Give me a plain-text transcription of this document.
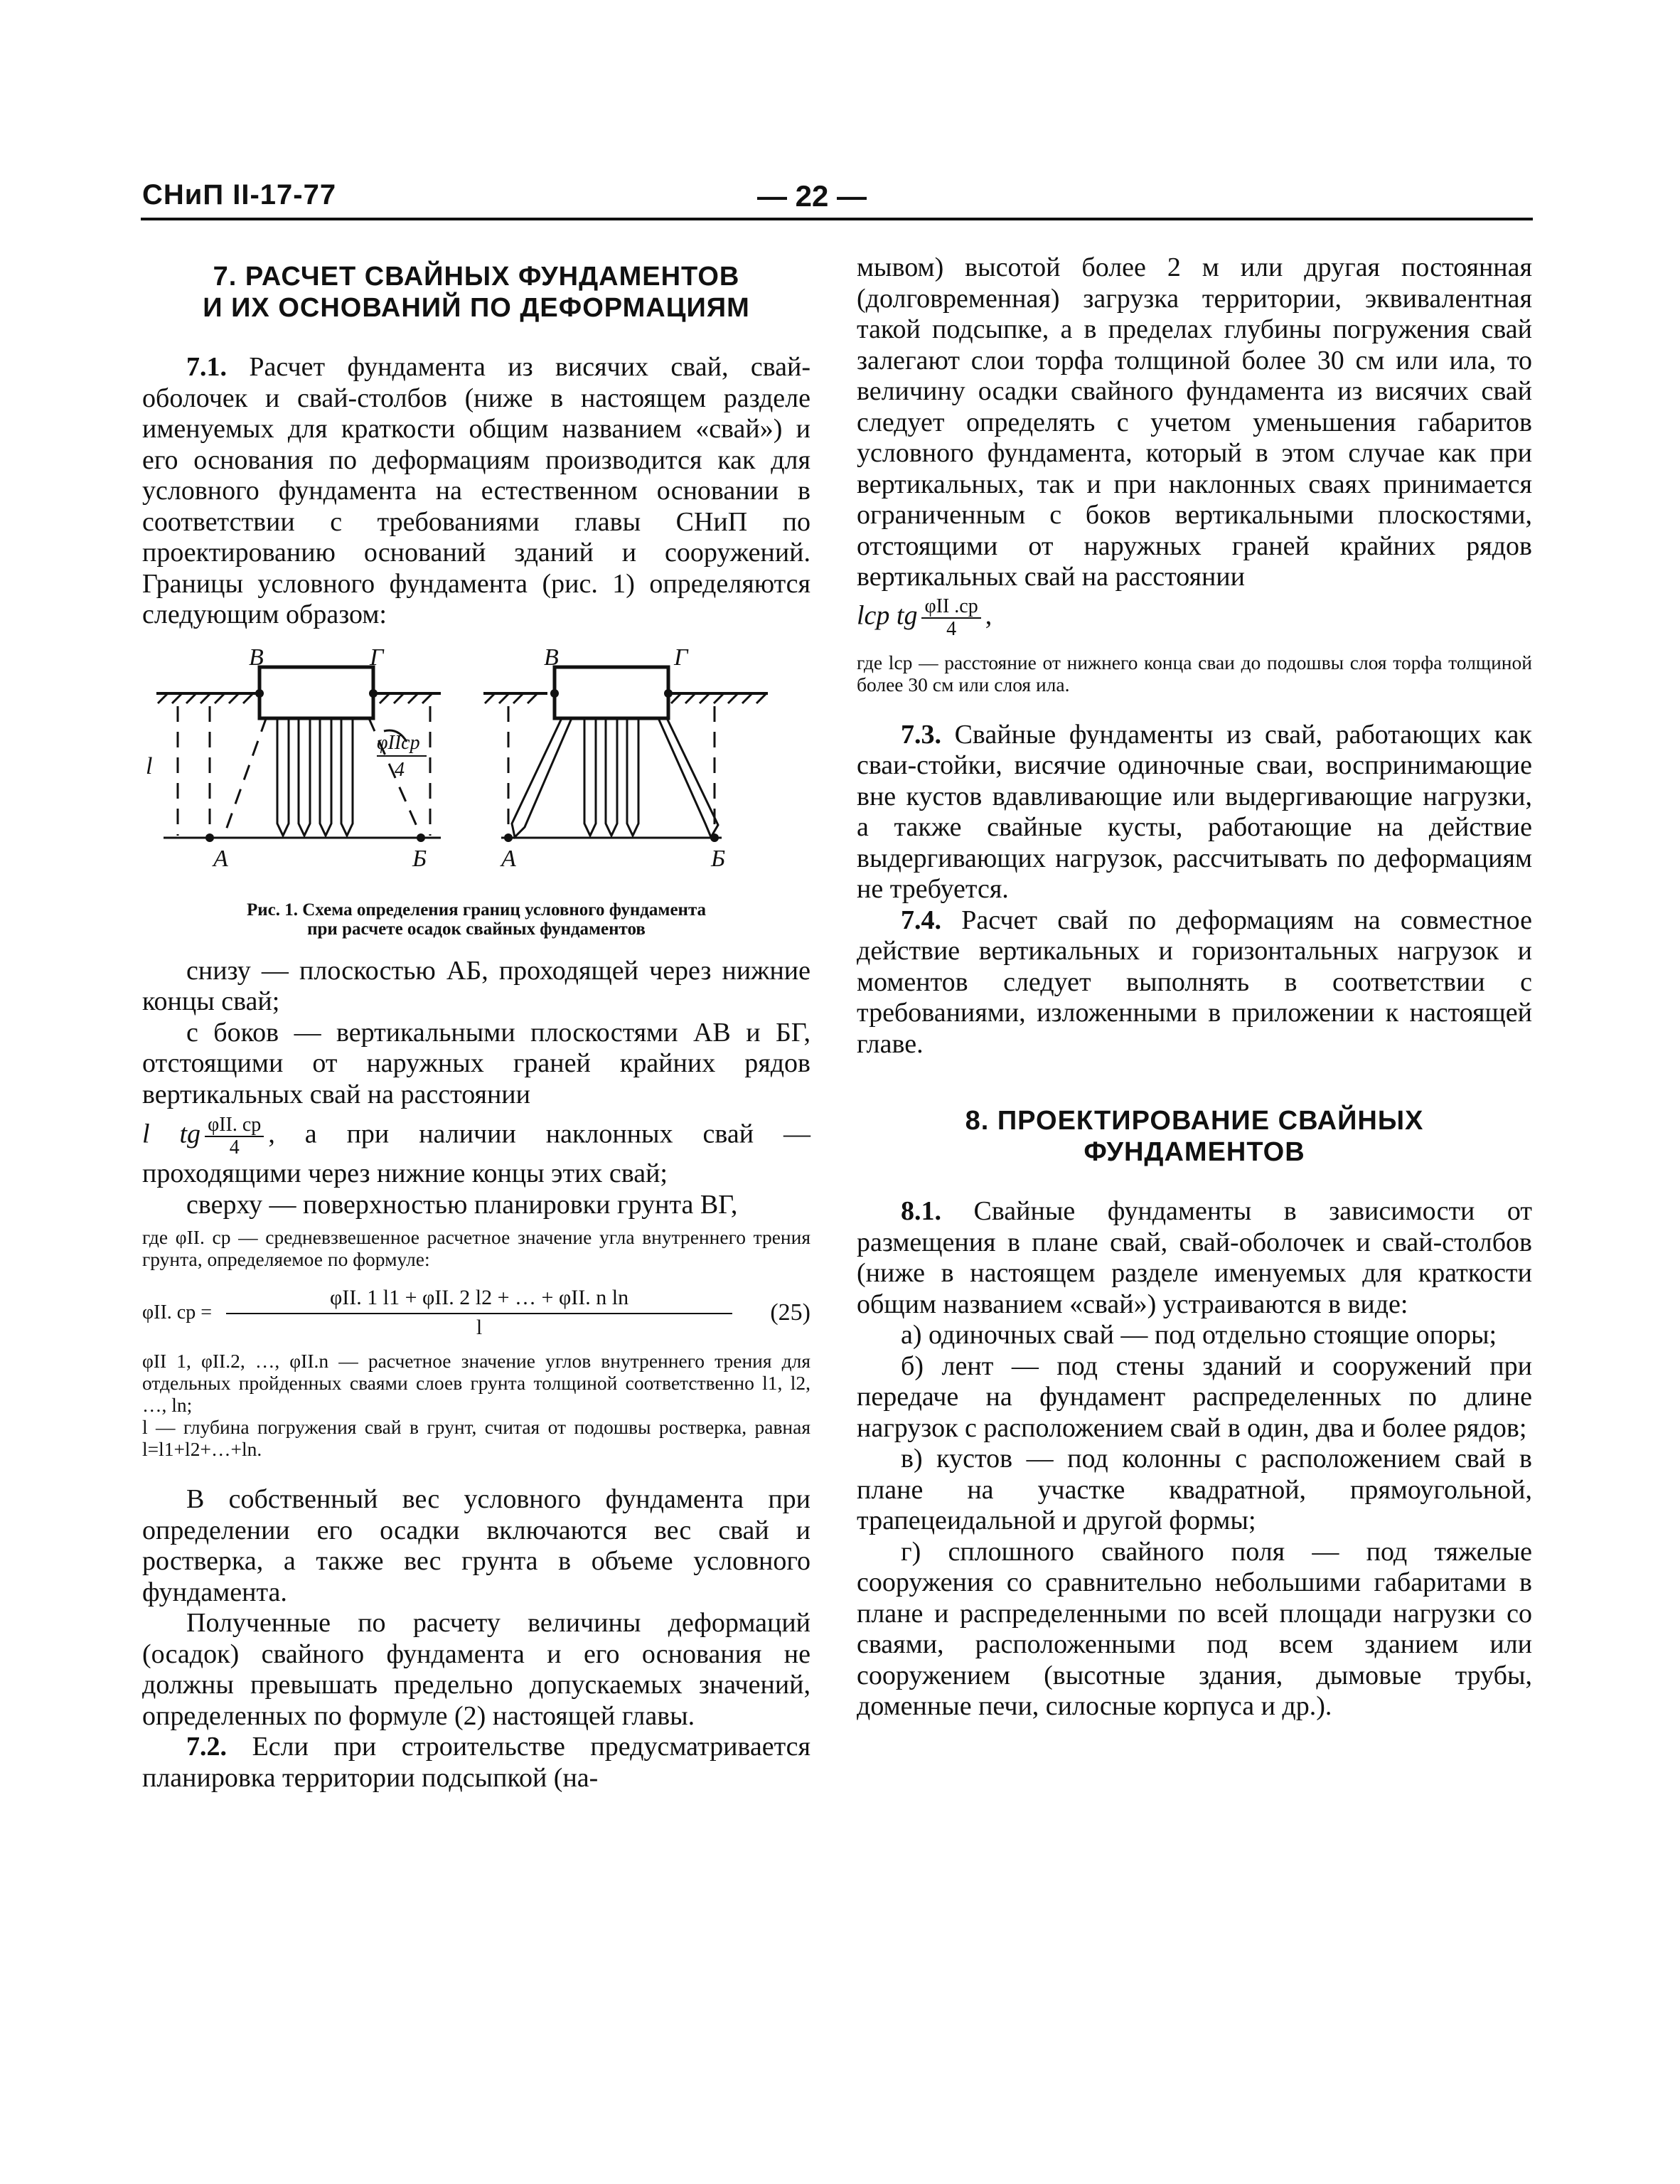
СНиП II-17-77	— 22 —
7. РАСЧЕТ СВАЙНЫХ ФУНДАМЕНТОВ
И ИХ ОСНОВАНИЙ ПО ДЕФОРМАЦИЯМ

7.1. Расчет фундамента из висячих свай, свай-оболочек и свай-столбов (ниже в настоящем разделе именуемых для краткости общим названием «свай») и его основания по деформациям производится как для условного фундамента на естественном основании в соответствии с требованиями главы СНиП по проектированию оснований зданий и сооружений. Границы условного фундамента (рис. 1) определяются следующим образом:

В	Г	В	Г
А	Б	А	Б
l
φIIср
4
Рис. 1. Схема определения границ условного фундамента
при расчете осадок свайных фундаментов

снизу — плоскостью АБ, проходящей через нижние концы свай;

с боков — вертикальными плоскостями АВ и БГ, отстоящими от наружных граней крайних рядов вертикальных свай на расстоянии

l tg $\frac{\text{φII. ср}}{4}$ , а при наличии наклонных свай — проходящими через нижние концы этих свай;

сверху — поверхностью планировки грунта ВГ,

где φII. ср — средневзвешенное расчетное значение угла внутреннего трения грунта, определяемое по формуле:

φII. ср =
φII. 1 l1 + φII. 2 l2 + … + φII. n ln
l
(25)

φII 1, φII.2, …, φII.n — расчетное значение углов внутреннего трения для отдельных пройденных сваями слоев грунта толщиной соответственно l1, l2, …, ln;

l — глубина погружения свай в грунт, считая от подошвы ростверка, равная l=l1+l2+…+ln.

В собственный вес условного фундамента при определении его осадки включаются вес свай и ростверка, а также вес грунта в объеме условного фундамента.

Полученные по расчету величины деформаций (осадок) свайного фундамента и его основания не должны превышать предельно допускаемых значений, определенных по формуле (2) настоящей главы.

7.2. Если при строительстве предусматривается планировка территории подсыпкой (на-

мывом) высотой более 2 м или другая постоянная (долговременная) загрузка территории, эквивалентная такой подсыпке, а в пределах глубины погружения свай залегают слои торфа толщиной более 30 см или ила, то величину осадки свайного фундамента из висячих свай следует определять с учетом уменьшения габаритов условного фундамента, который в этом случае как при вертикальных, так и при наклонных сваях принимается ограниченным с боков вертикальными плоскостями, отстоящими от наружных граней крайних рядов вертикальных свай на расстоянии

lср tg $\frac{\text{φII .ср}}{4}$ ,

где lср — расстояние от нижнего конца сваи до подошвы слоя торфа толщиной более 30 см или слоя ила.

7.3. Свайные фундаменты из свай, работающих как сваи-стойки, висячие одиночные сваи, воспринимающие вне кустов вдавливающие или выдергивающие нагрузки, а также свайные кусты, работающие на действие выдергивающих нагрузок, рассчитывать по деформациям не требуется.

7.4. Расчет свай по деформациям на совместное действие вертикальных и горизонтальных нагрузок и моментов следует выполнять в соответствии с требованиями, изложенными в приложении к настоящей главе.

8. ПРОЕКТИРОВАНИЕ СВАЙНЫХ
ФУНДАМЕНТОВ

8.1. Свайные фундаменты в зависимости от размещения в плане свай, свай-оболочек и свай-столбов (ниже в настоящем разделе именуемых для краткости общим названием «свай») устраиваются в виде:

а) одиночных свай — под отдельно стоящие опоры;

б) лент — под стены зданий и сооружений при передаче на фундамент распределенных по длине нагрузок с расположением свай в один, два и более рядов;

в) кустов — под колонны с расположением свай в плане на участке квадратной, прямоугольной, трапецеидальной и другой формы;

г) сплошного свайного поля — под тяжелые сооружения со сравнительно небольшими габаритами в плане и распределенными по всей площади нагрузки со сваями, расположенными под всем зданием или сооружением (высотные здания, дымовые трубы, доменные печи, силосные корпуса и др.).
